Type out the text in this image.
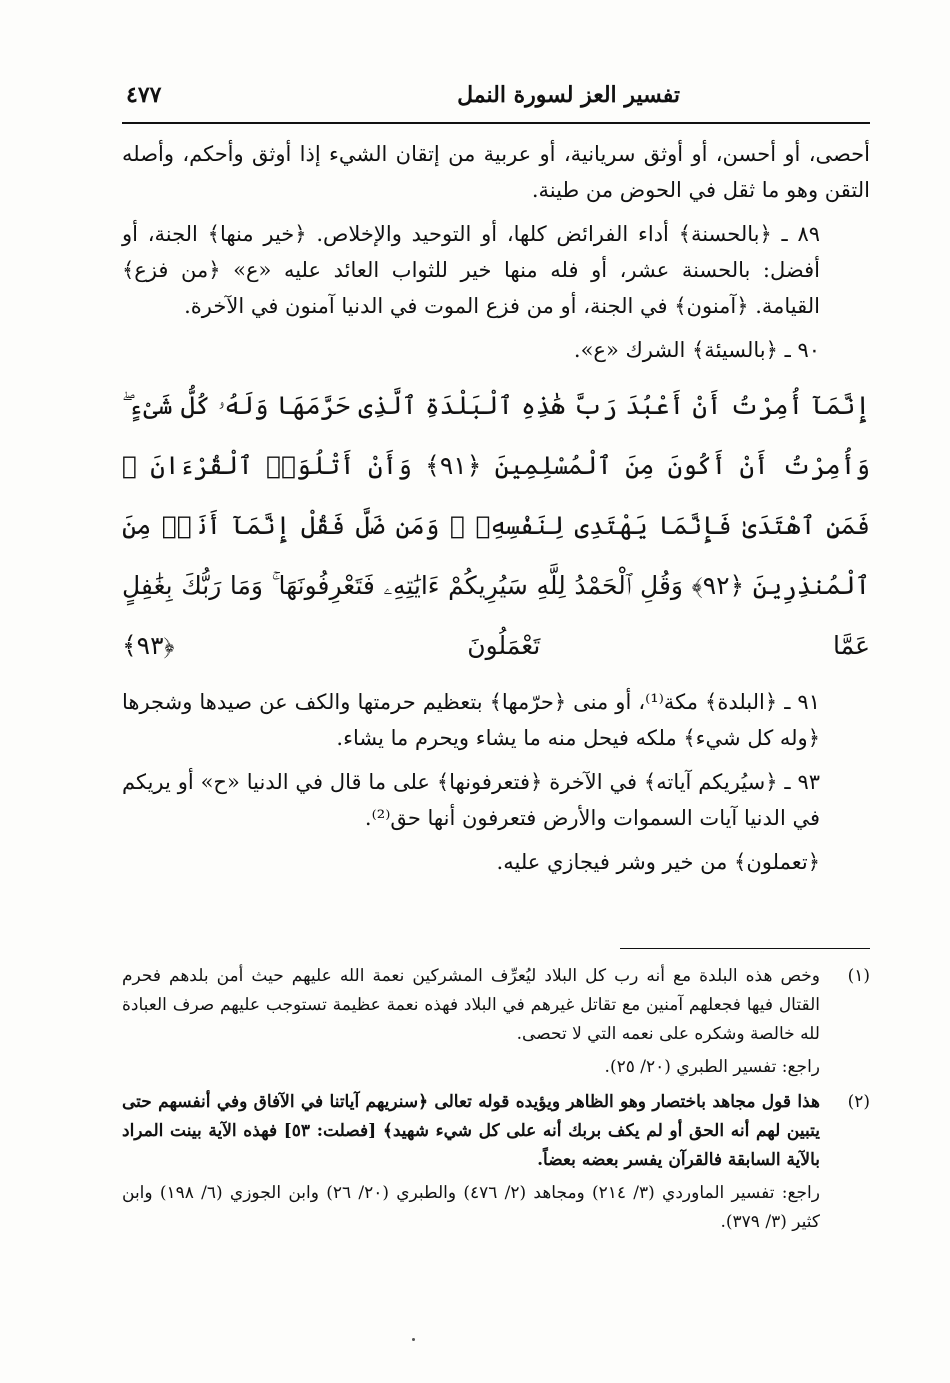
تفسير العز لسورة النمل
٤٧٧

أحصى، أو أحسن، أو أوثق سريانية، أو عربية من إتقان الشيء إذا أوثق وأحكم، وأصله التقن وهو ما ثقل في الحوض من طينة.

٨٩ ـ ﴿بالحسنة﴾ أداء الفرائض كلها، أو التوحيد والإخلاص. ﴿خير منها﴾ الجنة، أو أفضل: بالحسنة عشر، أو فله منها خير للثواب العائد عليه «ع» ﴿من فزع﴾ القيامة. ﴿آمنون﴾ في الجنة، أو من فزع الموت في الدنيا آمنون في الآخرة.

٩٠ ـ ﴿بالسيئة﴾ الشرك «ع».

إِنَّمَآ أُمِرْتُ أَنْ أَعْبُدَ رَبَّ هَٰذِهِ ٱلْبَلْدَةِ ٱلَّذِى حَرَّمَهَا وَلَهُۥ كُلُّ شَىْءٍ ۖ وَأُمِرْتُ أَنْ أَكُونَ مِنَ ٱلْمُسْلِمِينَ ﴿٩١﴾ وَأَنْ أَتْلُوَا۟ ٱلْقُرْءَانَ ۖ فَمَنِ ٱهْتَدَىٰ فَإِنَّمَا يَهْتَدِى لِنَفْسِهِۦ ۖ وَمَن ضَلَّ فَقُلْ إِنَّمَآ أَنَا۠ مِنَ ٱلْمُنذِرِينَ ﴿٩٢﴾ وَقُلِ ٱلْحَمْدُ لِلَّهِ سَيُرِيكُمْ ءَايَٰتِهِۦ فَتَعْرِفُونَهَا ۚ وَمَا رَبُّكَ بِغَٰفِلٍ عَمَّا تَعْمَلُونَ ﴿٩٣﴾

٩١ ـ ﴿البلدة﴾ مكة⁽¹⁾، أو منى ﴿حرّمها﴾ بتعظيم حرمتها والكف عن صيدها وشجرها ﴿وله كل شيء﴾ ملكه فيحل منه ما يشاء ويحرم ما يشاء.

٩٣ ـ ﴿سيُريكم آياته﴾ في الآخرة ﴿فتعرفونها﴾ على ما قال في الدنيا «ح» أو يريكم في الدنيا آيات السموات والأرض فتعرفون أنها حق⁽²⁾.

﴿تعملون﴾ من خير وشر فيجازي عليه.

(١)
وخص هذه البلدة مع أنه رب كل البلاد ليُعرِّف المشركين نعمة الله عليهم حيث أمن بلدهم فحرم القتال فيها فجعلهم آمنين مع تقاتل غيرهم في البلاد فهذه نعمة عظيمة تستوجب عليهم صرف العبادة لله خالصة وشكره على نعمه التي لا تحصى.
راجع: تفسير الطبري (٢٠/ ٢٥).
(٢)
هذا قول مجاهد باختصار وهو الظاهر ويؤيده قوله تعالى ﴿سنريهم آياتنا في الآفاق وفي أنفسهم حتى يتبين لهم أنه الحق أو لم يكف بربك أنه على كل شيء شهيد﴾ [فصلت: ٥٣] فهذه الآية بينت المراد بالآية السابقة فالقرآن يفسر بعضه بعضاً.
راجع: تفسير الماوردي (٣/ ٢١٤) ومجاهد (٢/ ٤٧٦) والطبري (٢٠/ ٢٦) وابن الجوزي (٦/ ١٩٨) وابن كثير (٣/ ٣٧٩).
